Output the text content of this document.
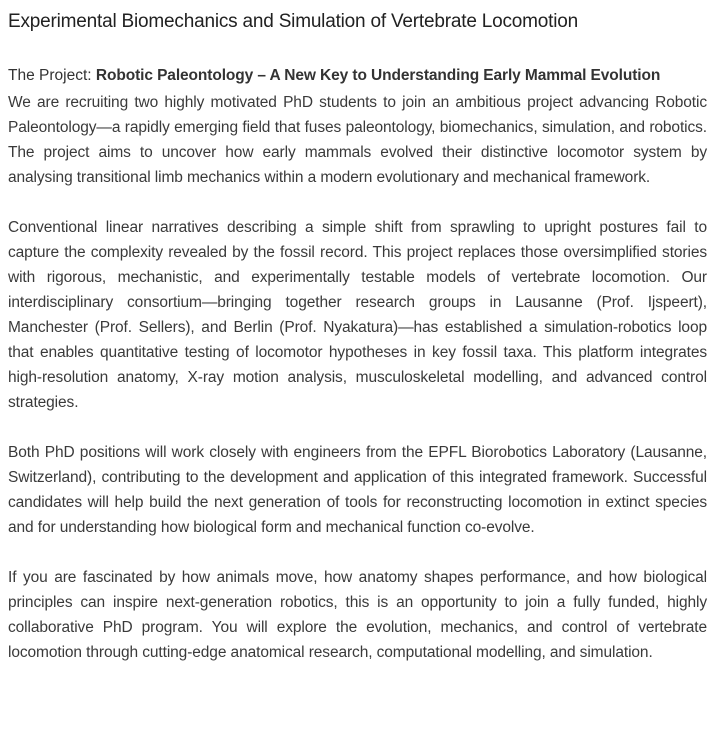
Experimental Biomechanics and Simulation of Vertebrate Locomotion

The Project: Robotic Paleontology – A New Key to Understanding Early Mammal Evolution

We are recruiting two highly motivated PhD students to join an ambitious project advancing Robotic Paleontology—a rapidly emerging field that fuses paleontology, biomechanics, simulation, and robotics. The project aims to uncover how early mammals evolved their distinctive locomotor system by analysing transitional limb mechanics within a modern evolutionary and mechanical framework.

Conventional linear narratives describing a simple shift from sprawling to upright postures fail to capture the complexity revealed by the fossil record. This project replaces those oversimplified stories with rigorous, mechanistic, and experimentally testable models of vertebrate locomotion. Our interdisciplinary consortium—bringing together research groups in Lausanne (Prof. Ijspeert), Manchester (Prof. Sellers), and Berlin (Prof. Nyakatura)—has established a simulation-robotics loop that enables quantitative testing of locomotor hypotheses in key fossil taxa. This platform integrates high-resolution anatomy, X-ray motion analysis, musculoskeletal modelling, and advanced control strategies.

Both PhD positions will work closely with engineers from the EPFL Biorobotics Laboratory (Lausanne, Switzerland), contributing to the development and application of this integrated framework. Successful candidates will help build the next generation of tools for reconstructing locomotion in extinct species and for understanding how biological form and mechanical function co-evolve.

If you are fascinated by how animals move, how anatomy shapes performance, and how biological principles can inspire next-generation robotics, this is an opportunity to join a fully funded, highly collaborative PhD program. You will explore the evolution, mechanics, and control of vertebrate locomotion through cutting-edge anatomical research, computational modelling, and simulation.
